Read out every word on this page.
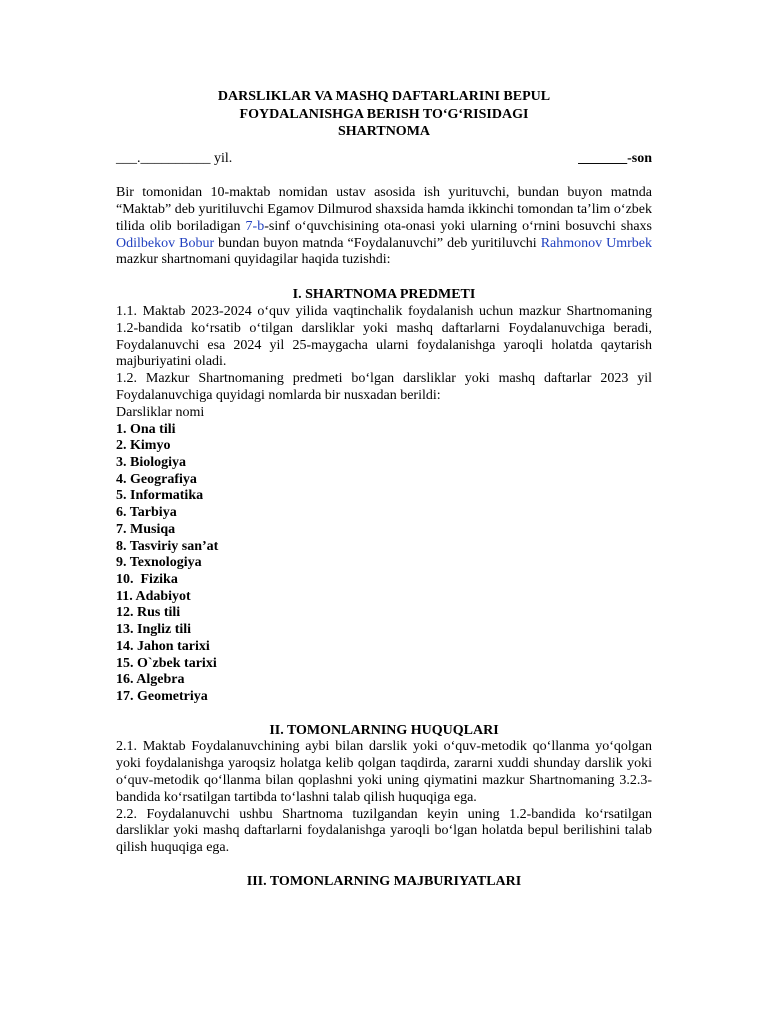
DARSLIKLAR VA MASHQ DAFTARLARINI BEPUL
FOYDALANISHGA BERISH TO‘G‘RISIDAGI
SHARTNOMA
___.__________ yil.	_______-son

Bir tomonidan 10-maktab nomidan ustav asosida ish yurituvchi, bundan buyon matnda “Maktab” deb yuritiluvchi Egamov Dilmurod shaxsida hamda ikkinchi tomondan ta’lim o‘zbek tilida olib boriladigan 7-b-sinf o‘quvchisining ota-onasi yoki ularning o‘rnini bosuvchi shaxs Odilbekov Bobur bundan buyon matnda “Foydalanuvchi” deb yuritiluvchi Rahmonov Umrbek mazkur shartnomani quyidagilar haqida tuzishdi:

I. SHARTNOMA PREDMETI

1.1. Maktab 2023-2024 o‘quv yilida vaqtinchalik foydalanish uchun mazkur Shartnomaning 1.2-bandida ko‘rsatib o‘tilgan darsliklar yoki mashq daftarlarni Foydalanuvchiga beradi, Foydalanuvchi esa 2024 yil 25-maygacha ularni foydalanishga yaroqli holatda qaytarish majburiyatini oladi.

1.2. Mazkur Shartnomaning predmeti bo‘lgan darsliklar yoki mashq daftarlar 2023 yil Foydalanuvchiga quyidagi nomlarda bir nusxadan berildi:

Darsliklar nomi

1. Ona tili
2. Kimyo
3. Biologiya
4. Geografiya
5. Informatika
6. Tarbiya
7. Musiqa
8. Tasviriy san’at
9. Texnologiya
10.  Fizika
11. Adabiyot
12. Rus tili
13. Ingliz tili
14. Jahon tarixi
15. O`zbek tarixi
16. Algebra
17. Geometriya
II. TOMONLARNING HUQUQLARI

2.1. Maktab Foydalanuvchining aybi bilan darslik yoki o‘quv-metodik qo‘llanma yo‘qolgan yoki foydalanishga yaroqsiz holatga kelib qolgan taqdirda, zararni xuddi shunday darslik yoki o‘quv-metodik qo‘llanma bilan qoplashni yoki uning qiymatini mazkur Shartnomaning 3.2.3-bandida ko‘rsatilgan tartibda to‘lashni talab qilish huquqiga ega.

2.2. Foydalanuvchi ushbu Shartnoma tuzilgandan keyin uning 1.2-bandida ko‘rsatilgan darsliklar yoki mashq daftarlarni foydalanishga yaroqli bo‘lgan holatda bepul berilishini talab qilish huquqiga ega.

III. TOMONLARNING MAJBURIYATLARI
